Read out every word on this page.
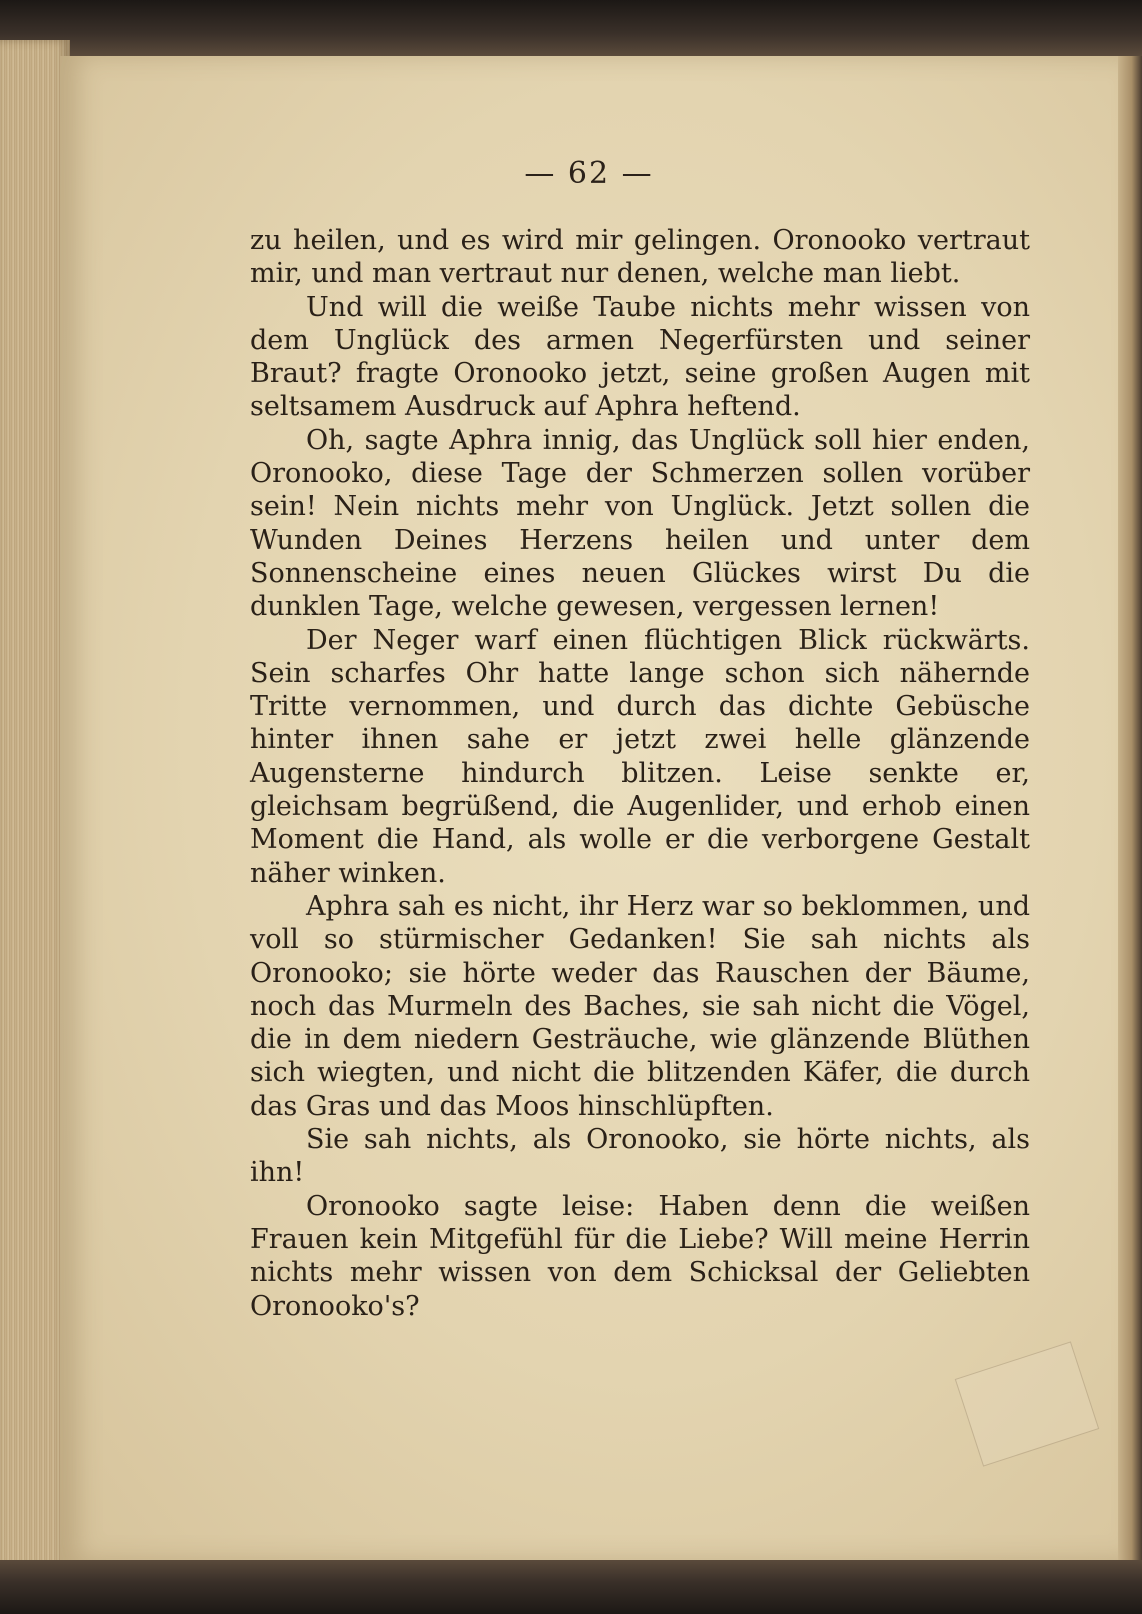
— 62 —

zu heilen, und es wird mir gelingen. Oronooko vertraut mir, und man vertraut nur denen, welche man liebt.

Und will die weiße Taube nichts mehr wissen von dem Unglück des armen Negerfürsten und seiner Braut? fragte Oronooko jetzt, seine großen Augen mit seltsamem Ausdruck auf Aphra heftend.

Oh, sagte Aphra innig, das Unglück soll hier enden, Oronooko, diese Tage der Schmerzen sollen vorüber sein! Nein nichts mehr von Unglück. Jetzt sollen die Wunden Deines Herzens heilen und unter dem Sonnenscheine eines neuen Glückes wirst Du die dunklen Tage, welche gewesen, vergessen lernen!

Der Neger warf einen flüchtigen Blick rückwärts. Sein scharfes Ohr hatte lange schon sich nähernde Tritte vernommen, und durch das dichte Gebüsche hinter ihnen sahe er jetzt zwei helle glänzende Augensterne hindurch blitzen. Leise senkte er, gleichsam begrüßend, die Augenlider, und erhob einen Moment die Hand, als wolle er die verborgene Gestalt näher winken.

Aphra sah es nicht, ihr Herz war so beklommen, und voll so stürmischer Gedanken! Sie sah nichts als Oronooko; sie hörte weder das Rauschen der Bäume, noch das Murmeln des Baches, sie sah nicht die Vögel, die in dem niedern Gesträuche, wie glänzende Blüthen sich wiegten, und nicht die blitzenden Käfer, die durch das Gras und das Moos hinschlüpften.

Sie sah nichts, als Oronooko, sie hörte nichts, als ihn!

Oronooko sagte leise: Haben denn die weißen Frauen kein Mitgefühl für die Liebe? Will meine Herrin nichts mehr wissen von dem Schicksal der Geliebten Oronooko's?
